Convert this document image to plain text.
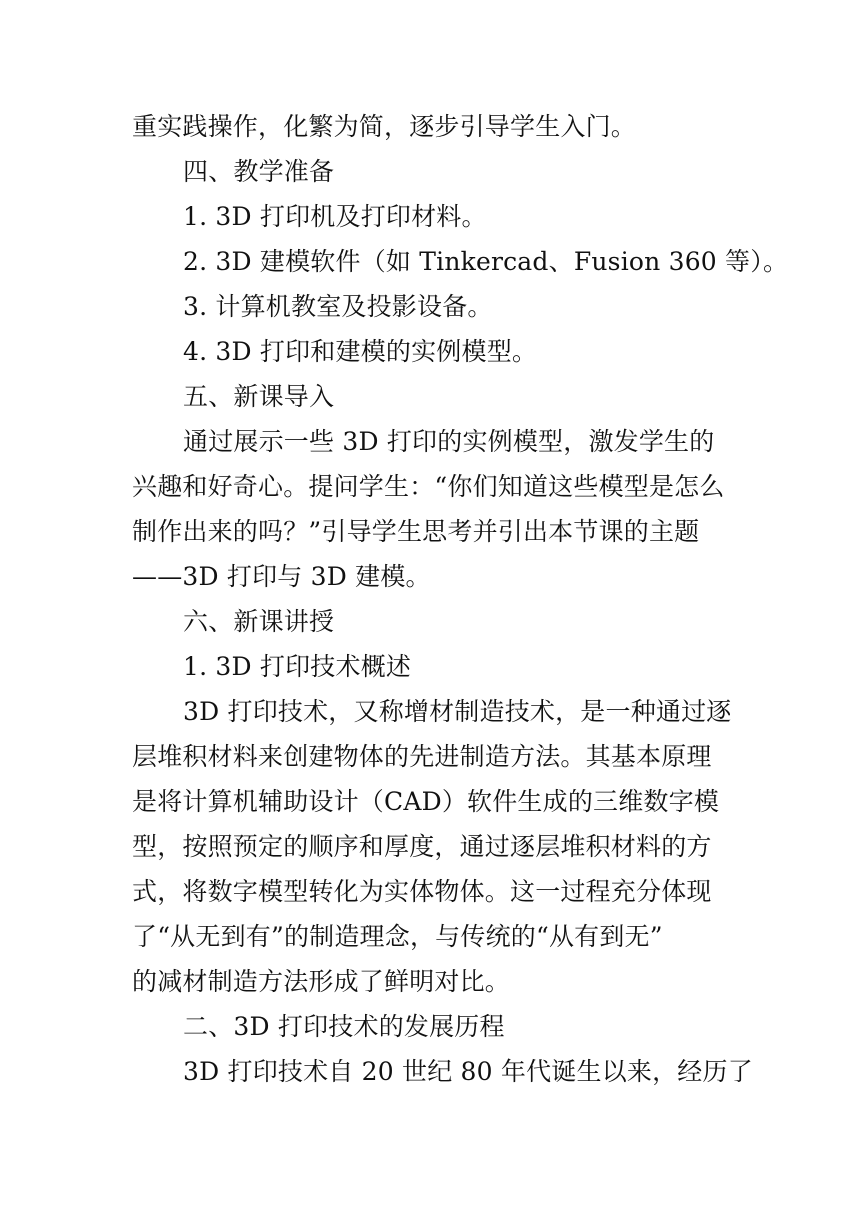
重实践操作，化繁为简，逐步引导学生入门。
四、教学准备
1. 3D 打印机及打印材料。
2. 3D 建模软件（如 Tinkercad、Fusion 360 等）。
3. 计算机教室及投影设备。
4. 3D 打印和建模的实例模型。
五、新课导入
通过展示一些 3D 打印的实例模型，激发学生的
兴趣和好奇心。提问学生：“你们知道这些模型是怎么
制作出来的吗？”引导学生思考并引出本节课的主题
——3D 打印与 3D 建模。
六、新课讲授
1. 3D 打印技术概述
3D 打印技术，又称增材制造技术，是一种通过逐
层堆积材料来创建物体的先进制造方法。其基本原理
是将计算机辅助设计（CAD）软件生成的三维数字模
型，按照预定的顺序和厚度，通过逐层堆积材料的方
式，将数字模型转化为实体物体。这一过程充分体现
了“从无到有”的制造理念，与传统的“从有到无”
的减材制造方法形成了鲜明对比。
二、3D 打印技术的发展历程
3D 打印技术自 20 世纪 80 年代诞生以来，经历了
